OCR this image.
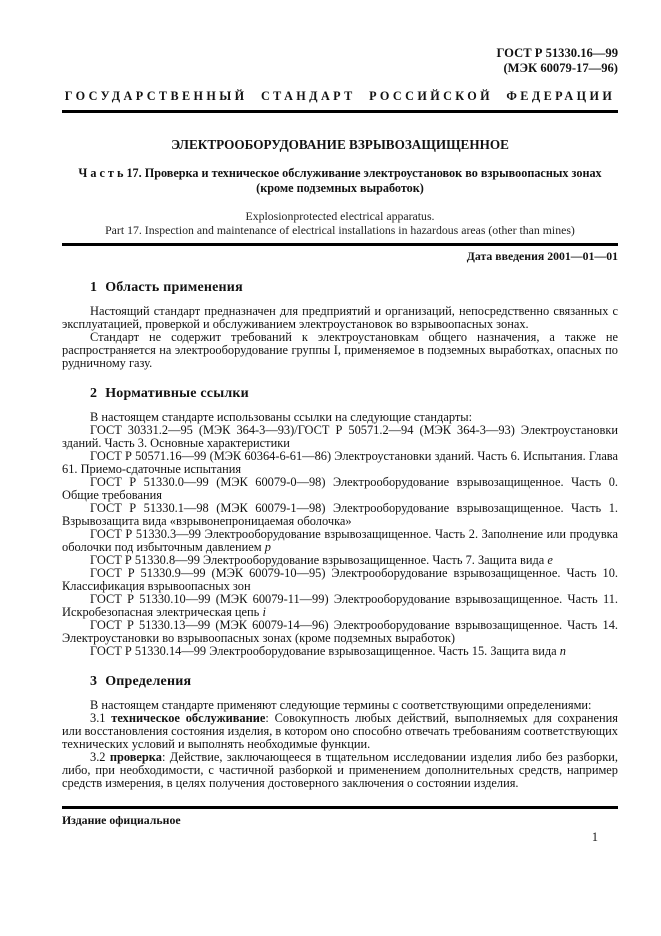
ГОСТ Р 51330.16—99
(МЭК 60079-17—96)
ГОСУДАРСТВЕННЫЙ СТАНДАРТ РОССИЙСКОЙ ФЕДЕРАЦИИ
ЭЛЕКТРООБОРУДОВАНИЕ ВЗРЫВОЗАЩИЩЕННОЕ
Ч а с т ь 17. Проверка и техническое обслуживание электроустановок во взрывоопасных зонах
(кроме подземных выработок)
Explosionprotected electrical apparatus.
Part 17. Inspection and maintenance of electrical installations in hazardous areas (other than mines)
Дата введения 2001—01—01
1 Область применения

Настоящий стандарт предназначен для предприятий и организаций, непосредственно связанных с эксплуатацией, проверкой и обслуживанием электроустановок во взрывоопасных зонах.

Стандарт не содержит требований к электроустановкам общего назначения, а также не распространяется на электрооборудование группы I, применяемое в подземных выработках, опасных по рудничному газу.

2 Нормативные ссылки

В настоящем стандарте использованы ссылки на следующие стандарты:

ГОСТ 30331.2—95 (МЭК 364-3—93)/ГОСТ Р 50571.2—94 (МЭК 364-3—93) Электроустановки зданий. Часть 3. Основные характеристики

ГОСТ Р 50571.16—99 (МЭК 60364-6-61—86) Электроустановки зданий. Часть 6. Испытания. Глава 61. Приемо-сдаточные испытания

ГОСТ Р 51330.0—99 (МЭК 60079-0—98) Электрооборудование взрывозащищенное. Часть 0. Общие требования

ГОСТ Р 51330.1—98 (МЭК 60079-1—98) Электрооборудование взрывозащищенное. Часть 1. Взрывозащита вида «взрывонепроницаемая оболочка»

ГОСТ Р 51330.3—99 Электрооборудование взрывозащищенное. Часть 2. Заполнение или продувка оболочки под избыточным давлением p

ГОСТ Р 51330.8—99 Электрооборудование взрывозащищенное. Часть 7. Защита вида e

ГОСТ Р 51330.9—99 (МЭК 60079-10—95) Электрооборудование взрывозащищенное. Часть 10. Классификация взрывоопасных зон

ГОСТ Р 51330.10—99 (МЭК 60079-11—99) Электрооборудование взрывозащищенное. Часть 11. Искробезопасная электрическая цепь i

ГОСТ Р 51330.13—99 (МЭК 60079-14—96) Электрооборудование взрывозащищенное. Часть 14. Электроустановки во взрывоопасных зонах (кроме подземных выработок)

ГОСТ Р 51330.14—99 Электрооборудование взрывозащищенное. Часть 15. Защита вида n

3 Определения

В настоящем стандарте применяют следующие термины с соответствующими определениями:

3.1 техническое обслуживание: Совокупность любых действий, выполняемых для сохранения или восстановления состояния изделия, в котором оно способно отвечать требованиям соответствующих технических условий и выполнять необходимые функции.

3.2 проверка: Действие, заключающееся в тщательном исследовании изделия либо без разборки, либо, при необходимости, с частичной разборкой и применением дополнительных средств, например средств измерения, в целях получения достоверного заключения о состоянии изделия.

Издание официальное
1
